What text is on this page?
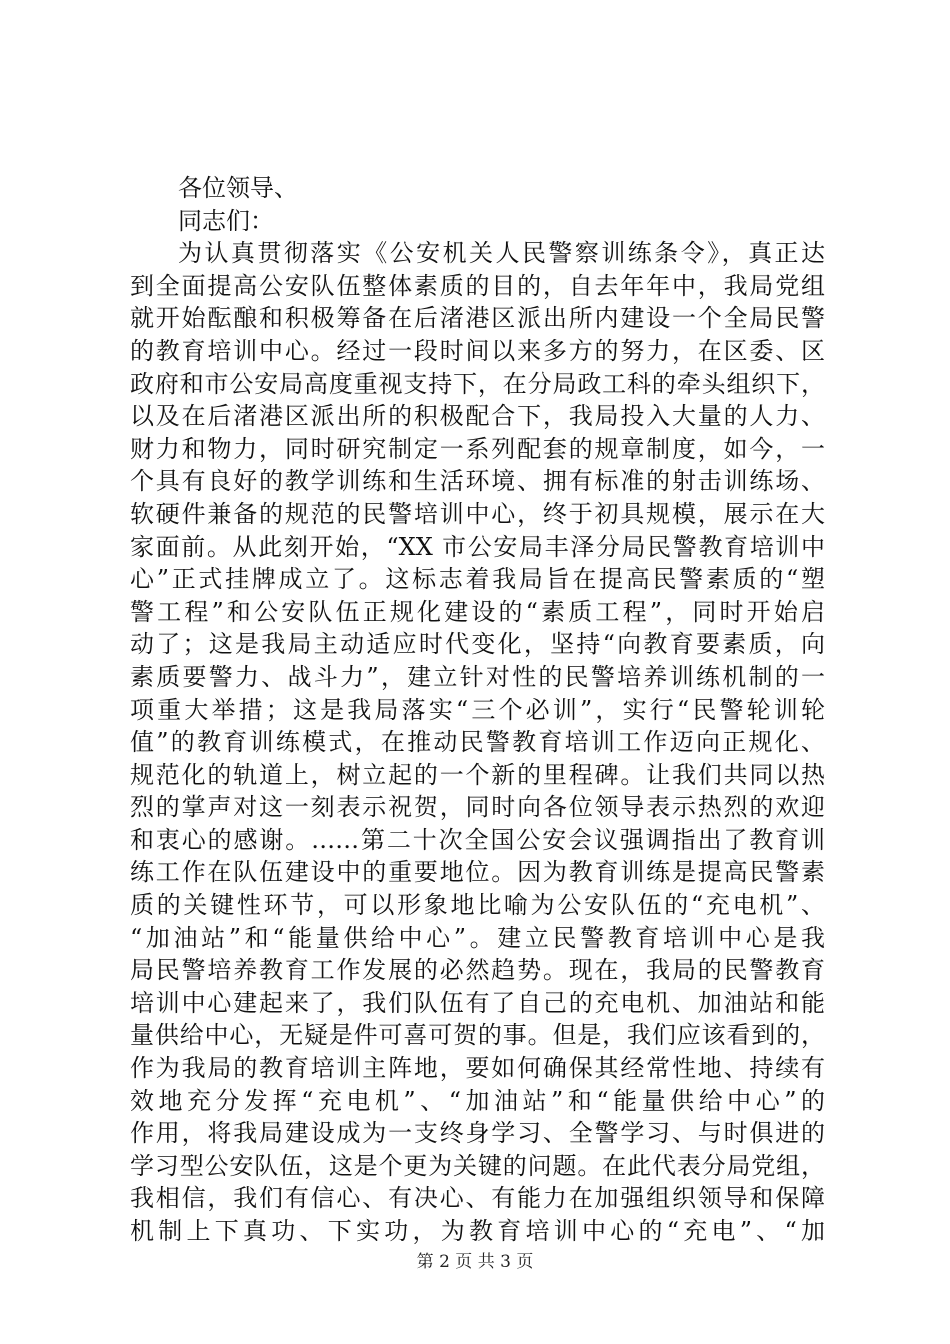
各位领导、
同志们：
为认真贯彻落实《公安机关人民警察训练条令》，真正达
到全面提高公安队伍整体素质的目的，自去年年中，我局党组
就开始酝酿和积极筹备在后渚港区派出所内建设一个全局民警
的教育培训中心。经过一段时间以来多方的努力，在区委、区
政府和市公安局高度重视支持下，在分局政工科的牵头组织下，
以及在后渚港区派出所的积极配合下，我局投入大量的人力、
财力和物力，同时研究制定一系列配套的规章制度，如今，一
个具有良好的教学训练和生活环境、拥有标准的射击训练场、
软硬件兼备的规范的民警培训中心，终于初具规模，展示在大
家面前。从此刻开始，“XX 市公安局丰泽分局民警教育培训中
心”正式挂牌成立了。这标志着我局旨在提高民警素质的“塑
警工程”和公安队伍正规化建设的“素质工程”，同时开始启
动了；这是我局主动适应时代变化，坚持“向教育要素质，向
素质要警力、战斗力”，建立针对性的民警培养训练机制的一
项重大举措；这是我局落实“三个必训”，实行“民警轮训轮
值”的教育训练模式，在推动民警教育培训工作迈向正规化、
规范化的轨道上，树立起的一个新的里程碑。让我们共同以热
烈的掌声对这一刻表示祝贺，同时向各位领导表示热烈的欢迎
和衷心的感谢。……第二十次全国公安会议强调指出了教育训
练工作在队伍建设中的重要地位。因为教育训练是提高民警素
质的关键性环节，可以形象地比喻为公安队伍的“充电机”、
“加油站”和“能量供给中心”。建立民警教育培训中心是我
局民警培养教育工作发展的必然趋势。现在，我局的民警教育
培训中心建起来了，我们队伍有了自己的充电机、加油站和能
量供给中心，无疑是件可喜可贺的事。但是，我们应该看到的，
作为我局的教育培训主阵地，要如何确保其经常性地、持续有
效地充分发挥“充电机”、“加油站”和“能量供给中心”的
作用，将我局建设成为一支终身学习、全警学习、与时俱进的
学习型公安队伍，这是个更为关键的问题。在此代表分局党组，
我相信，我们有信心、有决心、有能力在加强组织领导和保障
机制上下真功、下实功，为教育培训中心的“充电”、“加
第 2 页 共 3 页
